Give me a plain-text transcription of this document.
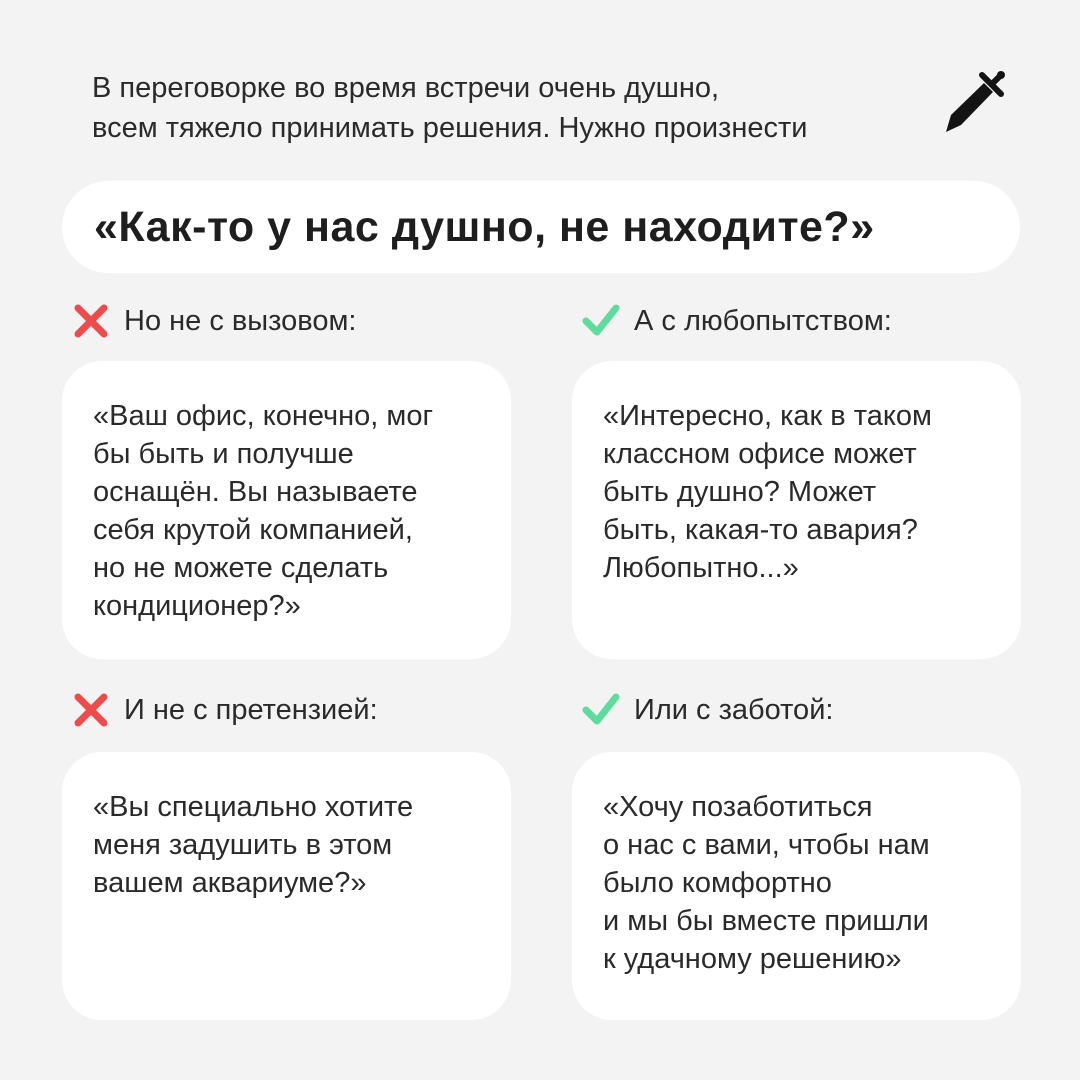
В переговорке во время встречи очень душно,
всем тяжело принимать решения. Нужно произнести
«Как-то у нас душно, не находите?»
Но не с вызовом:
«Ваш офис, конечно, мог
бы быть и получше
оснащён. Вы называете
себя крутой компанией,
но не можете сделать
кондиционер?»
А с любопытством:
«Интересно, как в таком
классном офисе может
быть душно? Может
быть, какая-то авария?
Любопытно...»
И не с претензией:
«Вы специально хотите
меня задушить в этом
вашем аквариуме?»
Или с заботой:
«Хочу позаботиться
о нас с вами, чтобы нам
было комфортно
и мы бы вместе пришли
к удачному решению»
